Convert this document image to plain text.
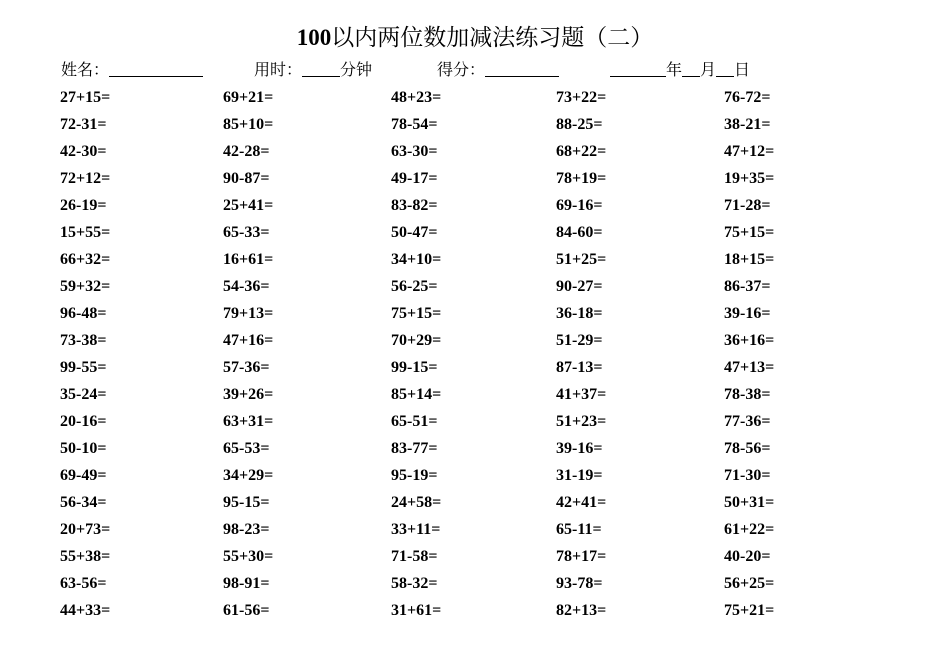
100以内两位数加减法练习题（二）
姓名：	用时： 分钟	得分：	年 月 日
27+15=	69+21=	48+23=	73+22=	76-72=
72-31=	85+10=	78-54=	88-25=	38-21=
42-30=	42-28=	63-30=	68+22=	47+12=
72+12=	90-87=	49-17=	78+19=	19+35=
26-19=	25+41=	83-82=	69-16=	71-28=
15+55=	65-33=	50-47=	84-60=	75+15=
66+32=	16+61=	34+10=	51+25=	18+15=
59+32=	54-36=	56-25=	90-27=	86-37=
96-48=	79+13=	75+15=	36-18=	39-16=
73-38=	47+16=	70+29=	51-29=	36+16=
99-55=	57-36=	99-15=	87-13=	47+13=
35-24=	39+26=	85+14=	41+37=	78-38=
20-16=	63+31=	65-51=	51+23=	77-36=
50-10=	65-53=	83-77=	39-16=	78-56=
69-49=	34+29=	95-19=	31-19=	71-30=
56-34=	95-15=	24+58=	42+41=	50+31=
20+73=	98-23=	33+11=	65-11=	61+22=
55+38=	55+30=	71-58=	78+17=	40-20=
63-56=	98-91=	58-32=	93-78=	56+25=
44+33=	61-56=	31+61=	82+13=	75+21=
